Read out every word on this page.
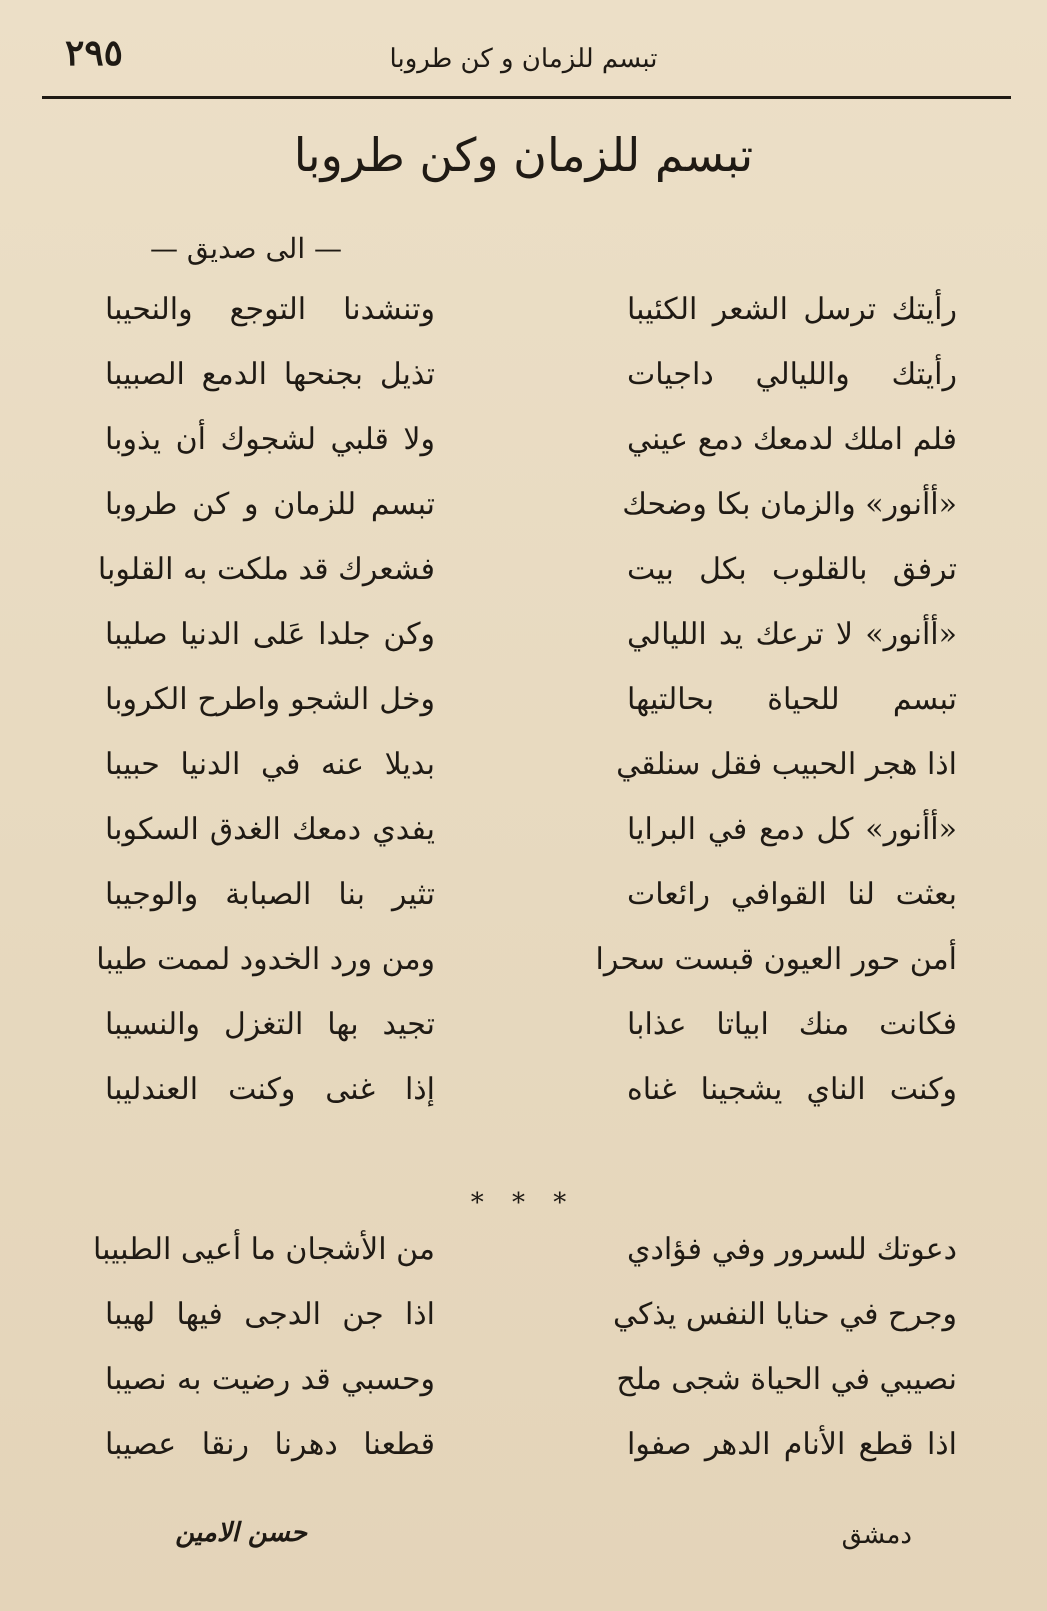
٢٩٥	تبسم للزمان و كن طروبا
تبسم للزمان وكن طروبا
— الى صديق —
رأيتك ترسل الشعر الكئيبا
وتنشدنا التوجع والنحيبا
رأيتك والليالي داجيات
تذيل بجنحها الدمع الصبيبا
فلم املك لدمعك دمع عيني
ولا قلبي لشجوك أن يذوبا
«أأنور» والزمان بكا وضحك
تبسم للزمان و كن طروبا
ترفق بالقلوب بكل بيت
فشعرك قد ملكت به القلوبا
«أأنور» لا ترعك يد الليالي
وكن جلدا عَلى الدنيا صليبا
تبسم للحياة بحالتيها
وخل الشجو واطرح الكروبا
اذا هجر الحبيب فقل سنلقي
بديلا عنه في الدنيا حبيبا
«أأنور» كل دمع في البرايا
يفدي دمعك الغدق السكوبا
بعثت لنا القوافي رائعات
تثير بنا الصبابة والوجيبا
أمن حور العيون قبست سحرا
ومن ورد الخدود لممت طيبا
فكانت منك ابياتا عذابا
تجيد بها التغزل والنسيبا
وكنت الناي يشجينا غناه
إذا غنى وكنت العندليبا
* * *
دعوتك للسرور وفي فؤادي
من الأشجان ما أعيى الطبيبا
وجرح في حنايا النفس يذكي
اذا جن الدجى فيها لهيبا
نصيبي في الحياة شجى ملح
وحسبي قد رضيت به نصيبا
اذا قطع الأنام الدهر صفوا
قطعنا دهرنا رنقا عصيبا
دمشق
حسن الامين
